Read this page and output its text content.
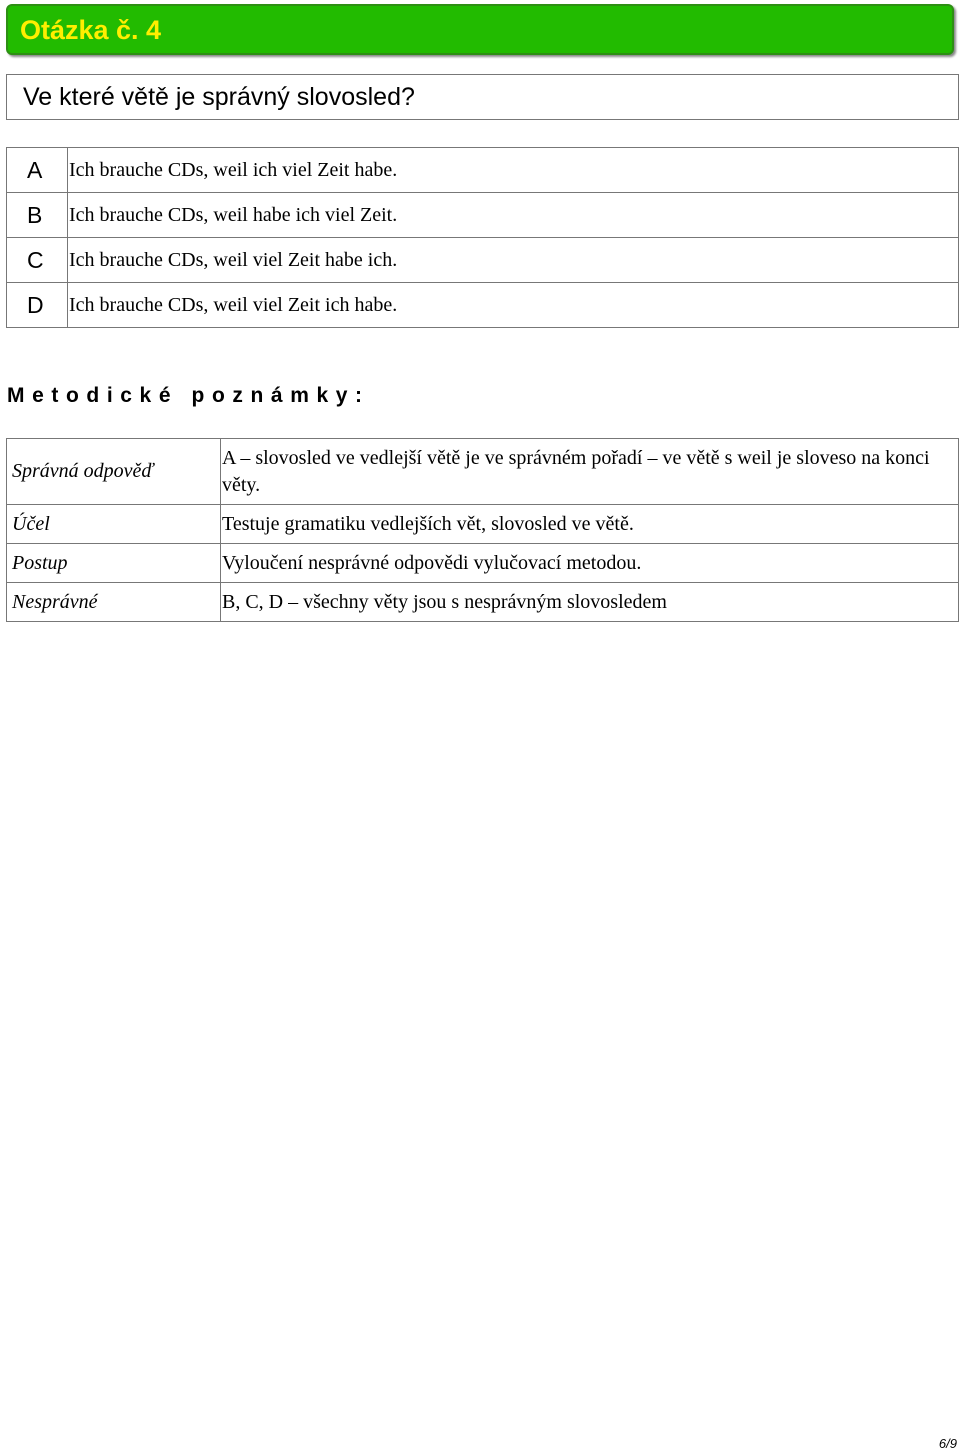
Otázka č. 4
Ve které větě je správný slovosled?
A	Ich brauche CDs, weil ich viel Zeit habe.
B	Ich brauche CDs, weil habe ich viel Zeit.
C	Ich brauche CDs, weil viel Zeit habe ich.
D	Ich brauche CDs, weil viel Zeit ich habe.
Metodické poznámky:
Správná odpověď	A – slovosled ve vedlejší větě je ve správném pořadí – ve větě s weil je sloveso na konci věty.
Účel	Testuje gramatiku vedlejších vět, slovosled ve větě.
Postup	Vyloučení nesprávné odpovědi vylučovací metodou.
Nesprávné	B, C, D – všechny věty jsou s nesprávným slovosledem
6/9
